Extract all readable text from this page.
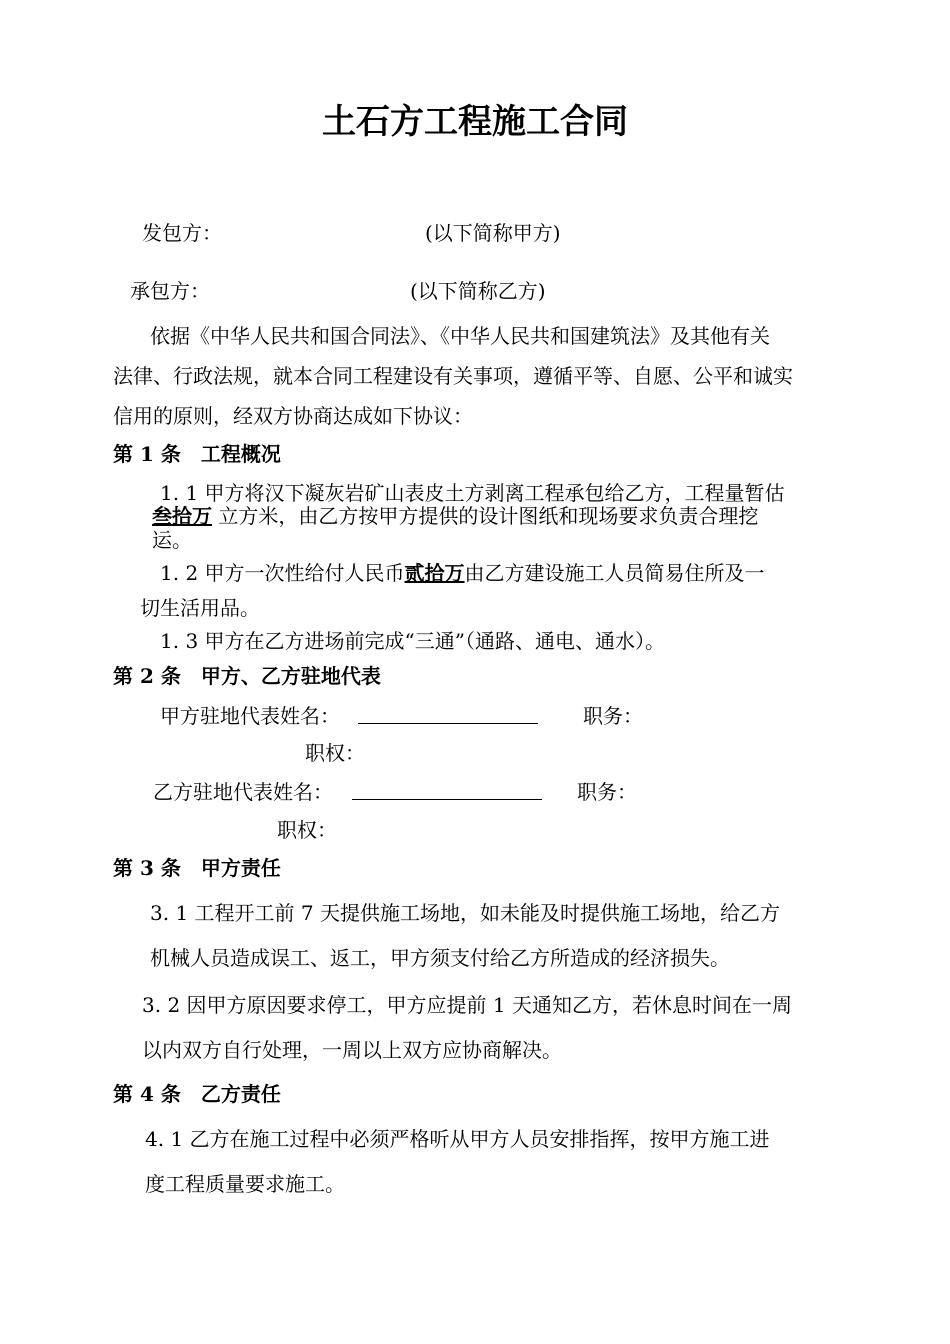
土石方工程施工合同
发包方：	(以下简称甲方)
承包方：	(以下简称乙方)
依据《中华人民共和国合同法》、《中华人民共和国建筑法》及其他有关
法律、行政法规，就本合同工程建设有关事项，遵循平等、自愿、公平和诚实
信用的原则，经双方协商达成如下协议：
第 1 条　工程概况
1. 1 甲方将汉下凝灰岩矿山表皮土方剥离工程承包给乙方，工程量暂估
叁拾万 立方米，由乙方按甲方提供的设计图纸和现场要求负责合理挖
运。
1. 2 甲方一次性给付人民币贰拾万由乙方建设施工人员简易住所及一
切生活用品。
1. 3 甲方在乙方进场前完成“三通”（通路、通电、通水）。
第 2 条　甲方、乙方驻地代表
甲方驻地代表姓名：	职务：
职权：
乙方驻地代表姓名：	职务：
职权：
第 3 条　甲方责任
3. 1 工程开工前 7 天提供施工场地，如未能及时提供施工场地，给乙方
机械人员造成误工、返工，甲方须支付给乙方所造成的经济损失。
3. 2 因甲方原因要求停工，甲方应提前 1 天通知乙方，若休息时间在一周
以内双方自行处理，一周以上双方应协商解决。
第 4 条　乙方责任
4. 1 乙方在施工过程中必须严格听从甲方人员安排指挥，按甲方施工进
度工程质量要求施工。
